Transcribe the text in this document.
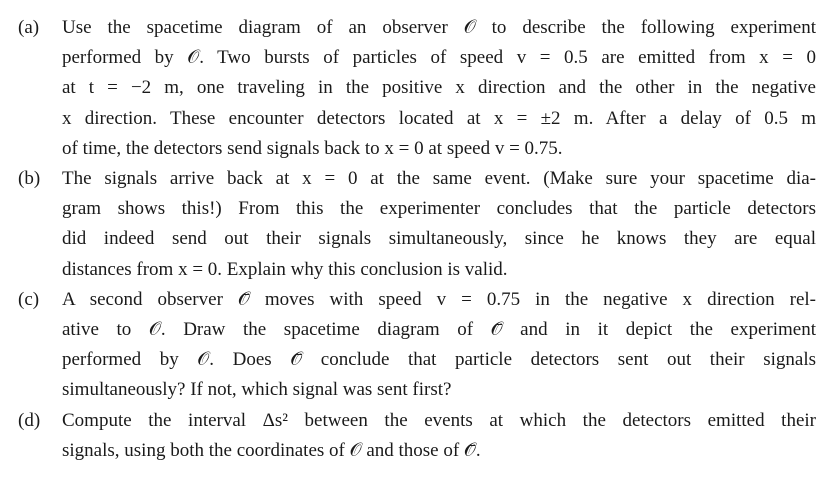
(a)	Use the spacetime diagram of an observer 𝒪 to describe the following experiment
performed by 𝒪. Two bursts of particles of speed v = 0.5 are emitted from x = 0
at t = −2 m, one traveling in the positive x direction and the other in the negative
x direction. These encounter detectors located at x = ±2 m. After a delay of 0.5 m
of time, the detectors send signals back to x = 0 at speed v = 0.75.
(b)	The signals arrive back at x = 0 at the same event. (Make sure your spacetime dia-
gram shows this!) From this the experimenter concludes that the particle detectors
did indeed send out their signals simultaneously, since he knows they are equal
distances from x = 0. Explain why this conclusion is valid.
(c)	A second observer 𝒪̄ moves with speed v = 0.75 in the negative x direction rel-
ative to 𝒪. Draw the spacetime diagram of 𝒪̄ and in it depict the experiment
performed by 𝒪. Does 𝒪̄ conclude that particle detectors sent out their signals
simultaneously? If not, which signal was sent first?
(d)	Compute the interval Δs² between the events at which the detectors emitted their
signals, using both the coordinates of 𝒪 and those of 𝒪̄.
